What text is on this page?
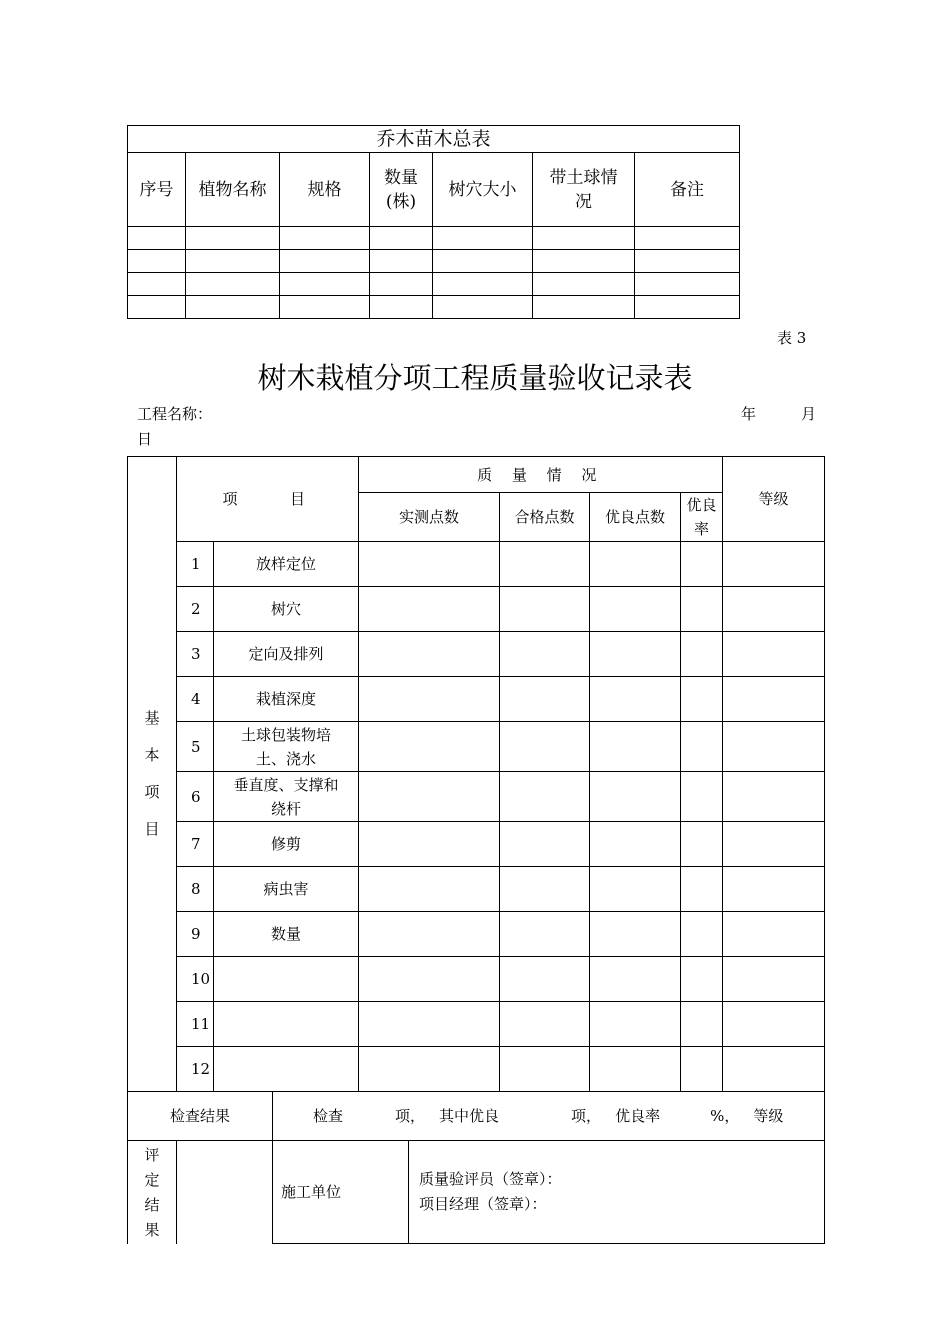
乔木苗木总表						
序号	植物名称	规格	数量(株)	树穴大小	带土球情况	备注

表 3
树木栽植分项工程质量验收记录表
工程名称：	年	月
日
基本项目	项　　目			质 量 情 况					等级
				实测点数		合格点数	优良点数	优良率	
	1	放样定位							
	2	树穴							
	3	定向及排列							
	4	栽植深度							
	5	土球包装物培土、浇水							

	6	垂直度、支撑和绕杆							

	7	修剪							
	8	病虫害							
	9	数量							
	10								
	11								
	12								
检查结果			检查 项， 其中优良 项， 优良率 %， 等级						

评定结果			施工单位		质量验评员（签章）：
项目经理（签章）：				
